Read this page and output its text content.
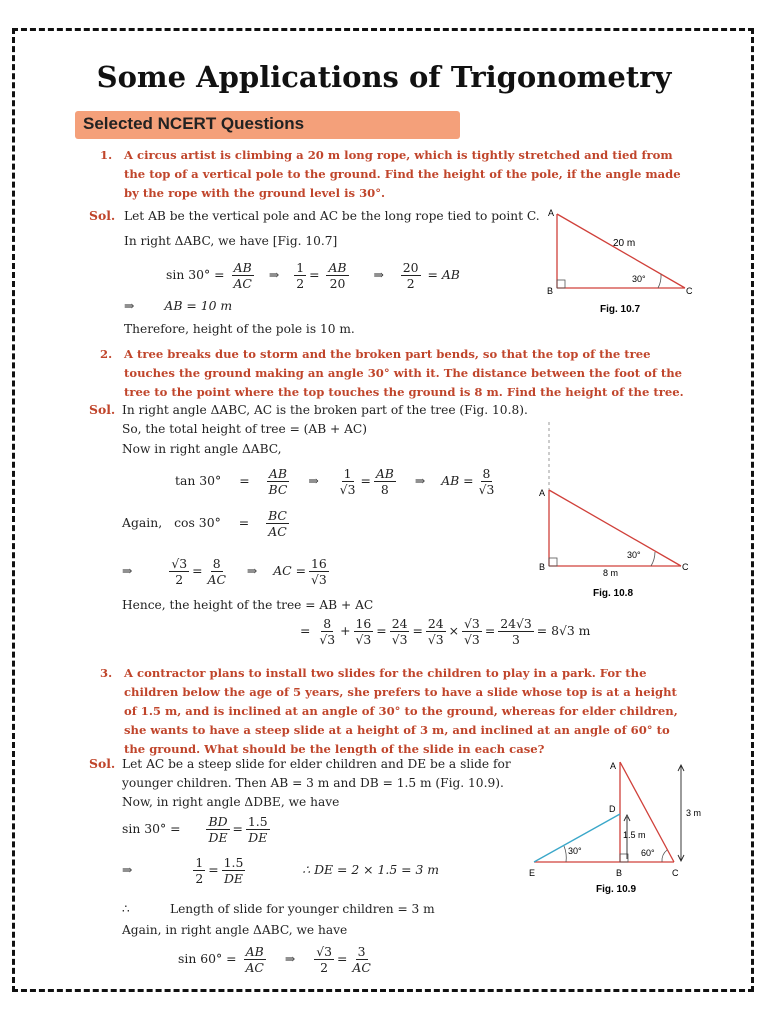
Some Applications of Trigonometry
Selected NCERT Questions
1. A circus artist is climbing a 20 m long rope, which is tightly stretched and tied from the top of a vertical pole to the ground. Find the height of the pole, if the angle made by the rope with the ground level is 30°.
Sol. Let AB be the vertical pole and AC be the long rope tied to point C.
In right ΔABC, we have [Fig. 10.7]
$\sin 30^\circ = \frac{AB}{AC}$ ⇒ $\frac{1}{2} = \frac{AB}{20}$ ⇒ $\frac{20}{2}$ = AB
⇒ AB = 10 m
Therefore, height of the pole is 10 m.
A
B	C
20 m
30°
Fig. 10.7
2. A tree breaks due to storm and the broken part bends, so that the top of the tree touches the ground making an angle 30° with it. The distance between the foot of the tree to the point where the top touches the ground is 8 m. Find the height of the tree.
Sol. In right angle ΔABC, AC is the broken part of the tree (Fig. 10.8).
So, the total height of tree = (AB + AC)
Now in right angle ΔABC,
$\tan 30^\circ = \frac{AB}{BC}$ ⇒ $\frac{1}{√3} = \frac{AB}{8}$ ⇒ AB = $\frac{8}{√3}$
Again, $\cos 30^\circ = \frac{BC}{AC}$
⇒	$\frac{√3}{2} = \frac{8}{AC}$ ⇒ AC = $\frac{16}{√3}$
Hence, the height of the tree = AB + AC
= $\frac{8}{√3} + \frac{16}{√3} = \frac{24}{√3} = \frac{24}{√3} \times \frac{√3}{√3} = \frac{24√3}{3} = 8√3$ m
A
B	C
30°
8 m
Fig. 10.8
3. A contractor plans to install two slides for the children to play in a park. For the children below the age of 5 years, she prefers to have a slide whose top is at a height of 1.5 m, and is inclined at an angle of 30° to the ground, whereas for elder children, she wants to have a steep slide at a height of 3 m, and inclined at an angle of 60° to the ground. What should be the length of the slide in each case?
Sol. Let AC be a steep slide for elder children and DE be a slide for
younger children. Then AB = 3 m and DB = 1.5 m (Fig. 10.9).
Now, in right angle ΔDBE, we have
$\sin 30^\circ = \frac{BD}{DE} = \frac{1.5}{DE}$
⇒	$\frac{1}{2} = \frac{1.5}{DE}$	∴ DE = 2 × 1.5 = 3 m
∴	Length of slide for younger children = 3 m
Again, in right angle ΔABC, we have
$\sin 60^\circ = \frac{AB}{AC}$ ⇒ $\frac{√3}{2} = \frac{3}{AC}$
A
D
E	B	C
3 m
1.5 m
30°	60°
Fig. 10.9
